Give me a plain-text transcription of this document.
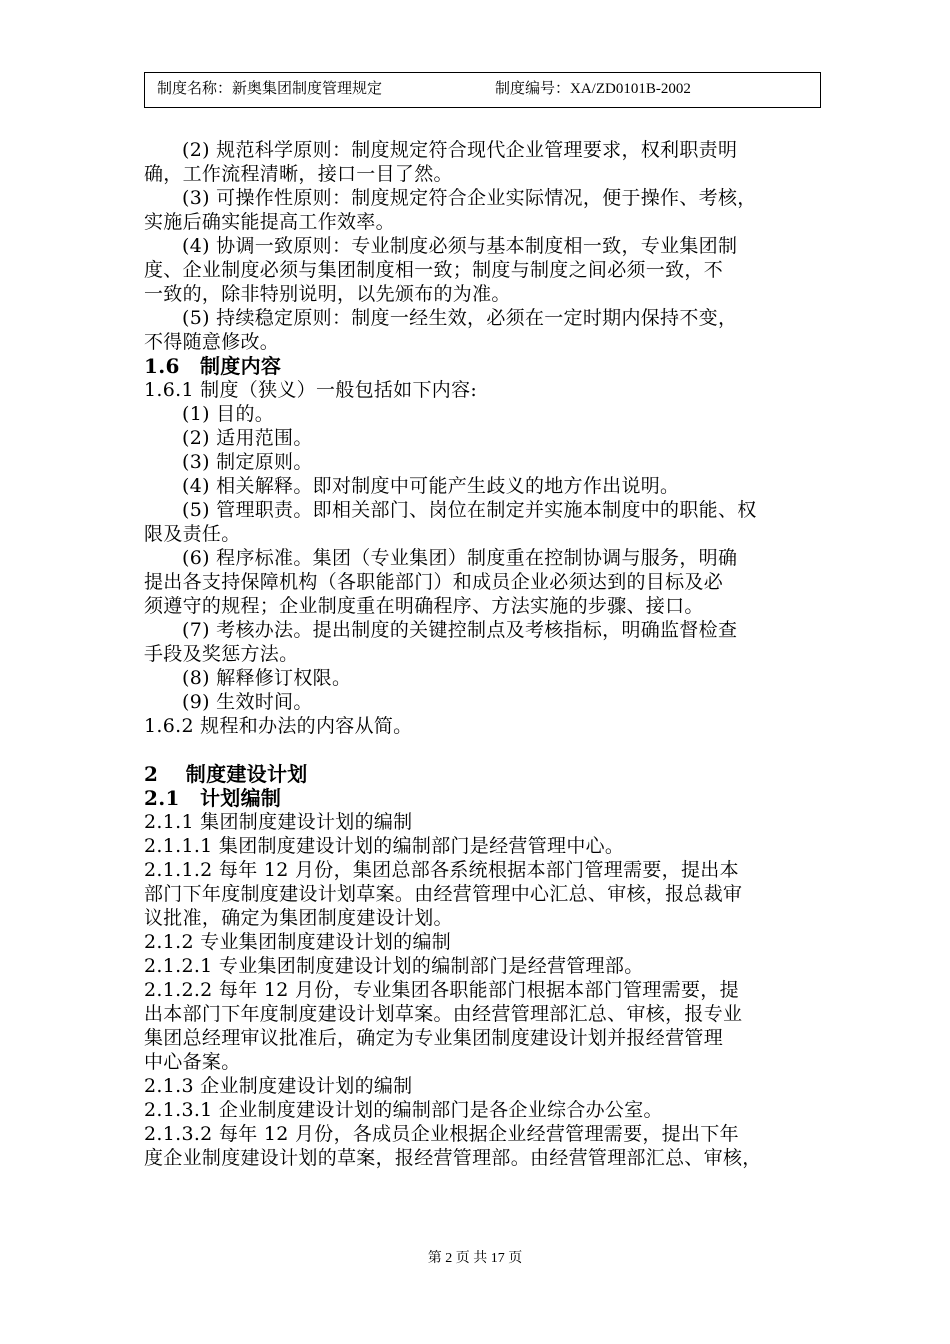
制度名称：新奥集团制度管理规定	制度编号：XA/ZD0101B-2002

(2) 规范科学原则：制度规定符合现代企业管理要求，权利职责明

确，工作流程清晰，接口一目了然。

(3) 可操作性原则：制度规定符合企业实际情况，便于操作、考核，

实施后确实能提高工作效率。

(4) 协调一致原则：专业制度必须与基本制度相一致，专业集团制

度、企业制度必须与集团制度相一致；制度与制度之间必须一致，不

一致的，除非特别说明，以先颁布的为准。

(5) 持续稳定原则：制度一经生效，必须在一定时期内保持不变，

不得随意修改。

1.6　制度内容

1.6.1 制度（狭义）一般包括如下内容:

(1) 目的。

(2) 适用范围。

(3) 制定原则。

(4) 相关解释。即对制度中可能产生歧义的地方作出说明。

(5) 管理职责。即相关部门、岗位在制定并实施本制度中的职能、权

限及责任。

(6) 程序标准。集团（专业集团）制度重在控制协调与服务，明确

提出各支持保障机构（各职能部门）和成员企业必须达到的目标及必

须遵守的规程；企业制度重在明确程序、方法实施的步骤、接口。

(7) 考核办法。提出制度的关键控制点及考核指标，明确监督检查

手段及奖惩方法。

(8) 解释修订权限。

(9) 生效时间。

1.6.2 规程和办法的内容从简。

2　 制度建设计划

2.1　计划编制

2.1.1 集团制度建设计划的编制

2.1.1.1 集团制度建设计划的编制部门是经营管理中心。

2.1.1.2 每年 12 月份，集团总部各系统根据本部门管理需要，提出本

部门下年度制度建设计划草案。由经营管理中心汇总、审核，报总裁审

议批准，确定为集团制度建设计划。

2.1.2 专业集团制度建设计划的编制

2.1.2.1 专业集团制度建设计划的编制部门是经营管理部。

2.1.2.2 每年 12 月份，专业集团各职能部门根据本部门管理需要，提

出本部门下年度制度建设计划草案。由经营管理部汇总、审核，报专业

集团总经理审议批准后，确定为专业集团制度建设计划并报经营管理

中心备案。

2.1.3 企业制度建设计划的编制

2.1.3.1 企业制度建设计划的编制部门是各企业综合办公室。

2.1.3.2 每年 12 月份，各成员企业根据企业经营管理需要，提出下年

度企业制度建设计划的草案，报经营管理部。由经营管理部汇总、审核，

第 2 页 共 17 页
